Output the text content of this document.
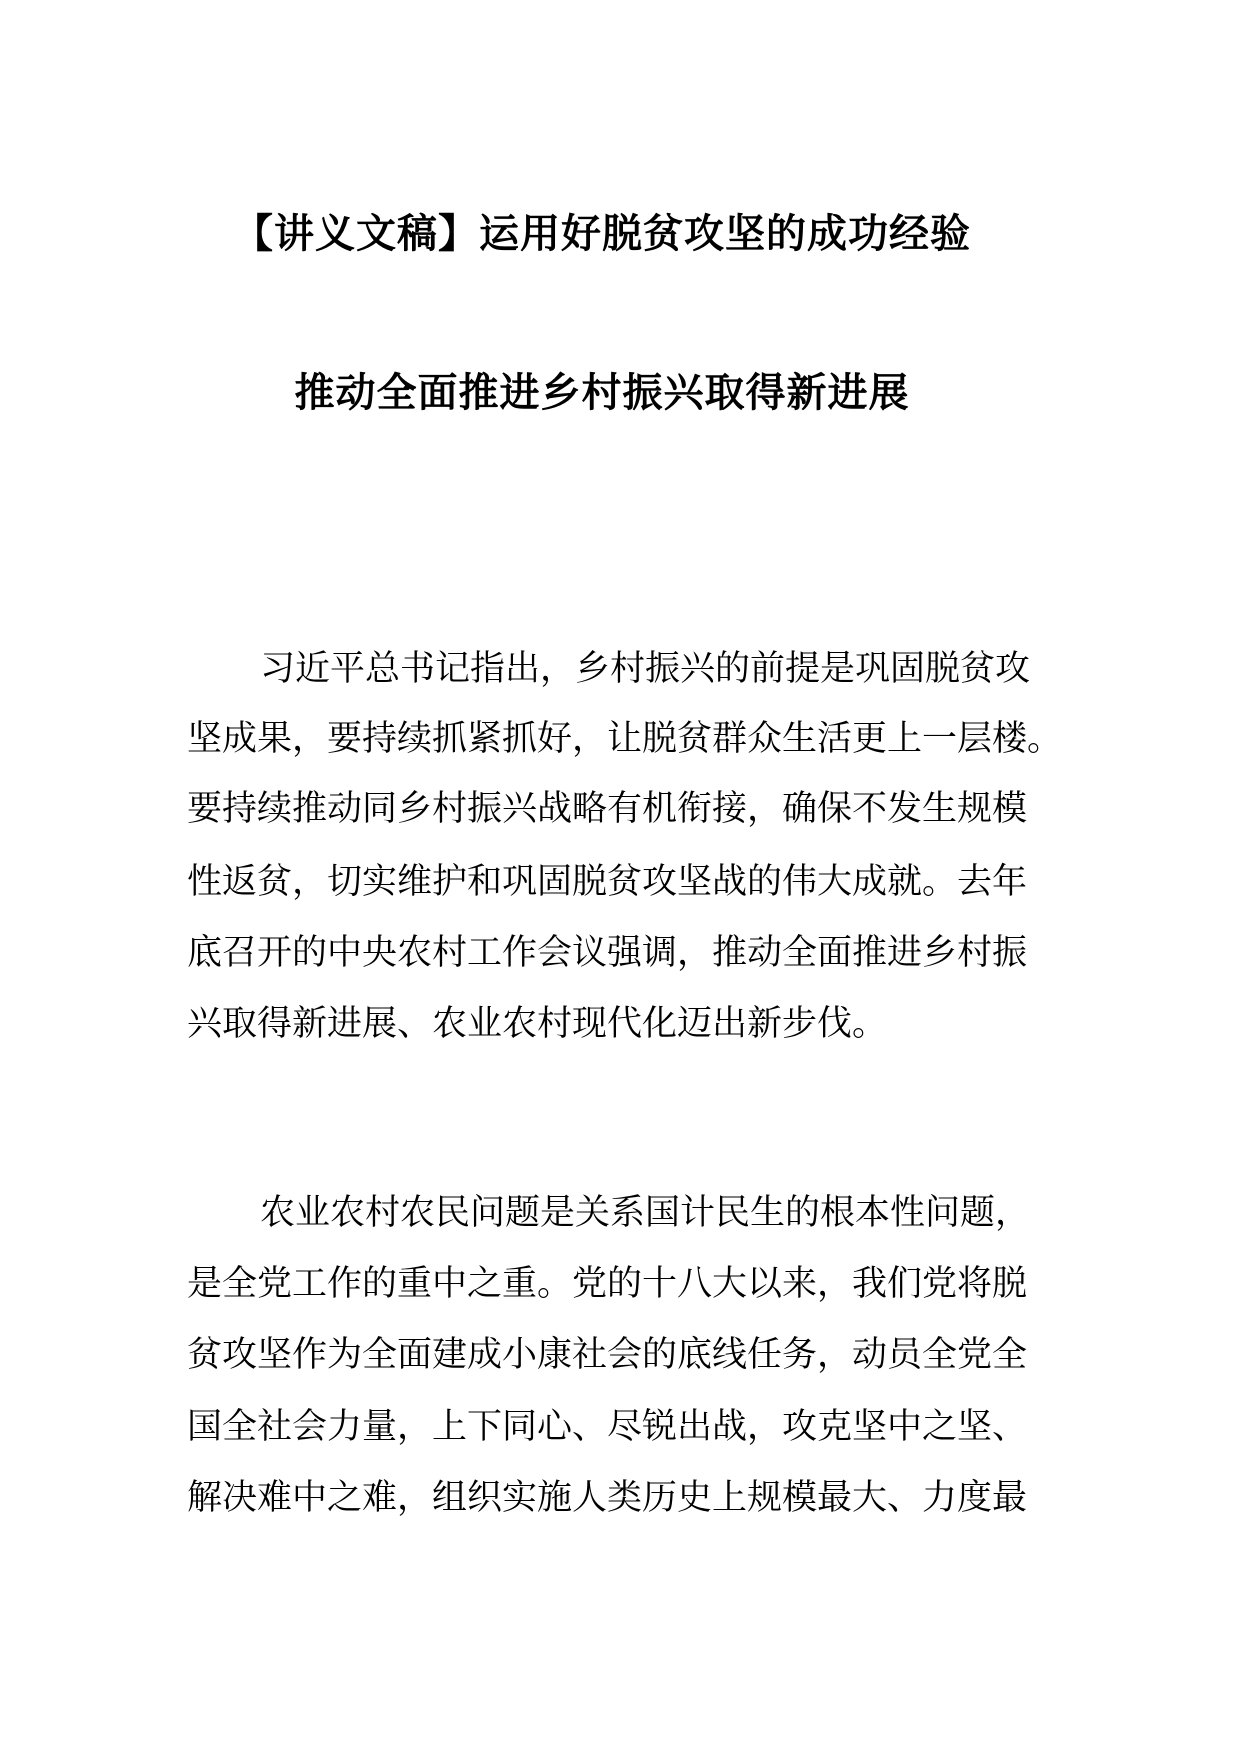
【讲义文稿】运用好脱贫攻坚的成功经验
推动全面推进乡村振兴取得新进展
习近平总书记指出，乡村振兴的前提是巩固脱贫攻
坚成果，要持续抓紧抓好，让脱贫群众生活更上一层楼。
要持续推动同乡村振兴战略有机衔接，确保不发生规模
性返贫，切实维护和巩固脱贫攻坚战的伟大成就。去年
底召开的中央农村工作会议强调，推动全面推进乡村振
兴取得新进展、农业农村现代化迈出新步伐。
农业农村农民问题是关系国计民生的根本性问题，
是全党工作的重中之重。党的十八大以来，我们党将脱
贫攻坚作为全面建成小康社会的底线任务，动员全党全
国全社会力量，上下同心、尽锐出战，攻克坚中之坚、
解决难中之难，组织实施人类历史上规模最大、力度最
